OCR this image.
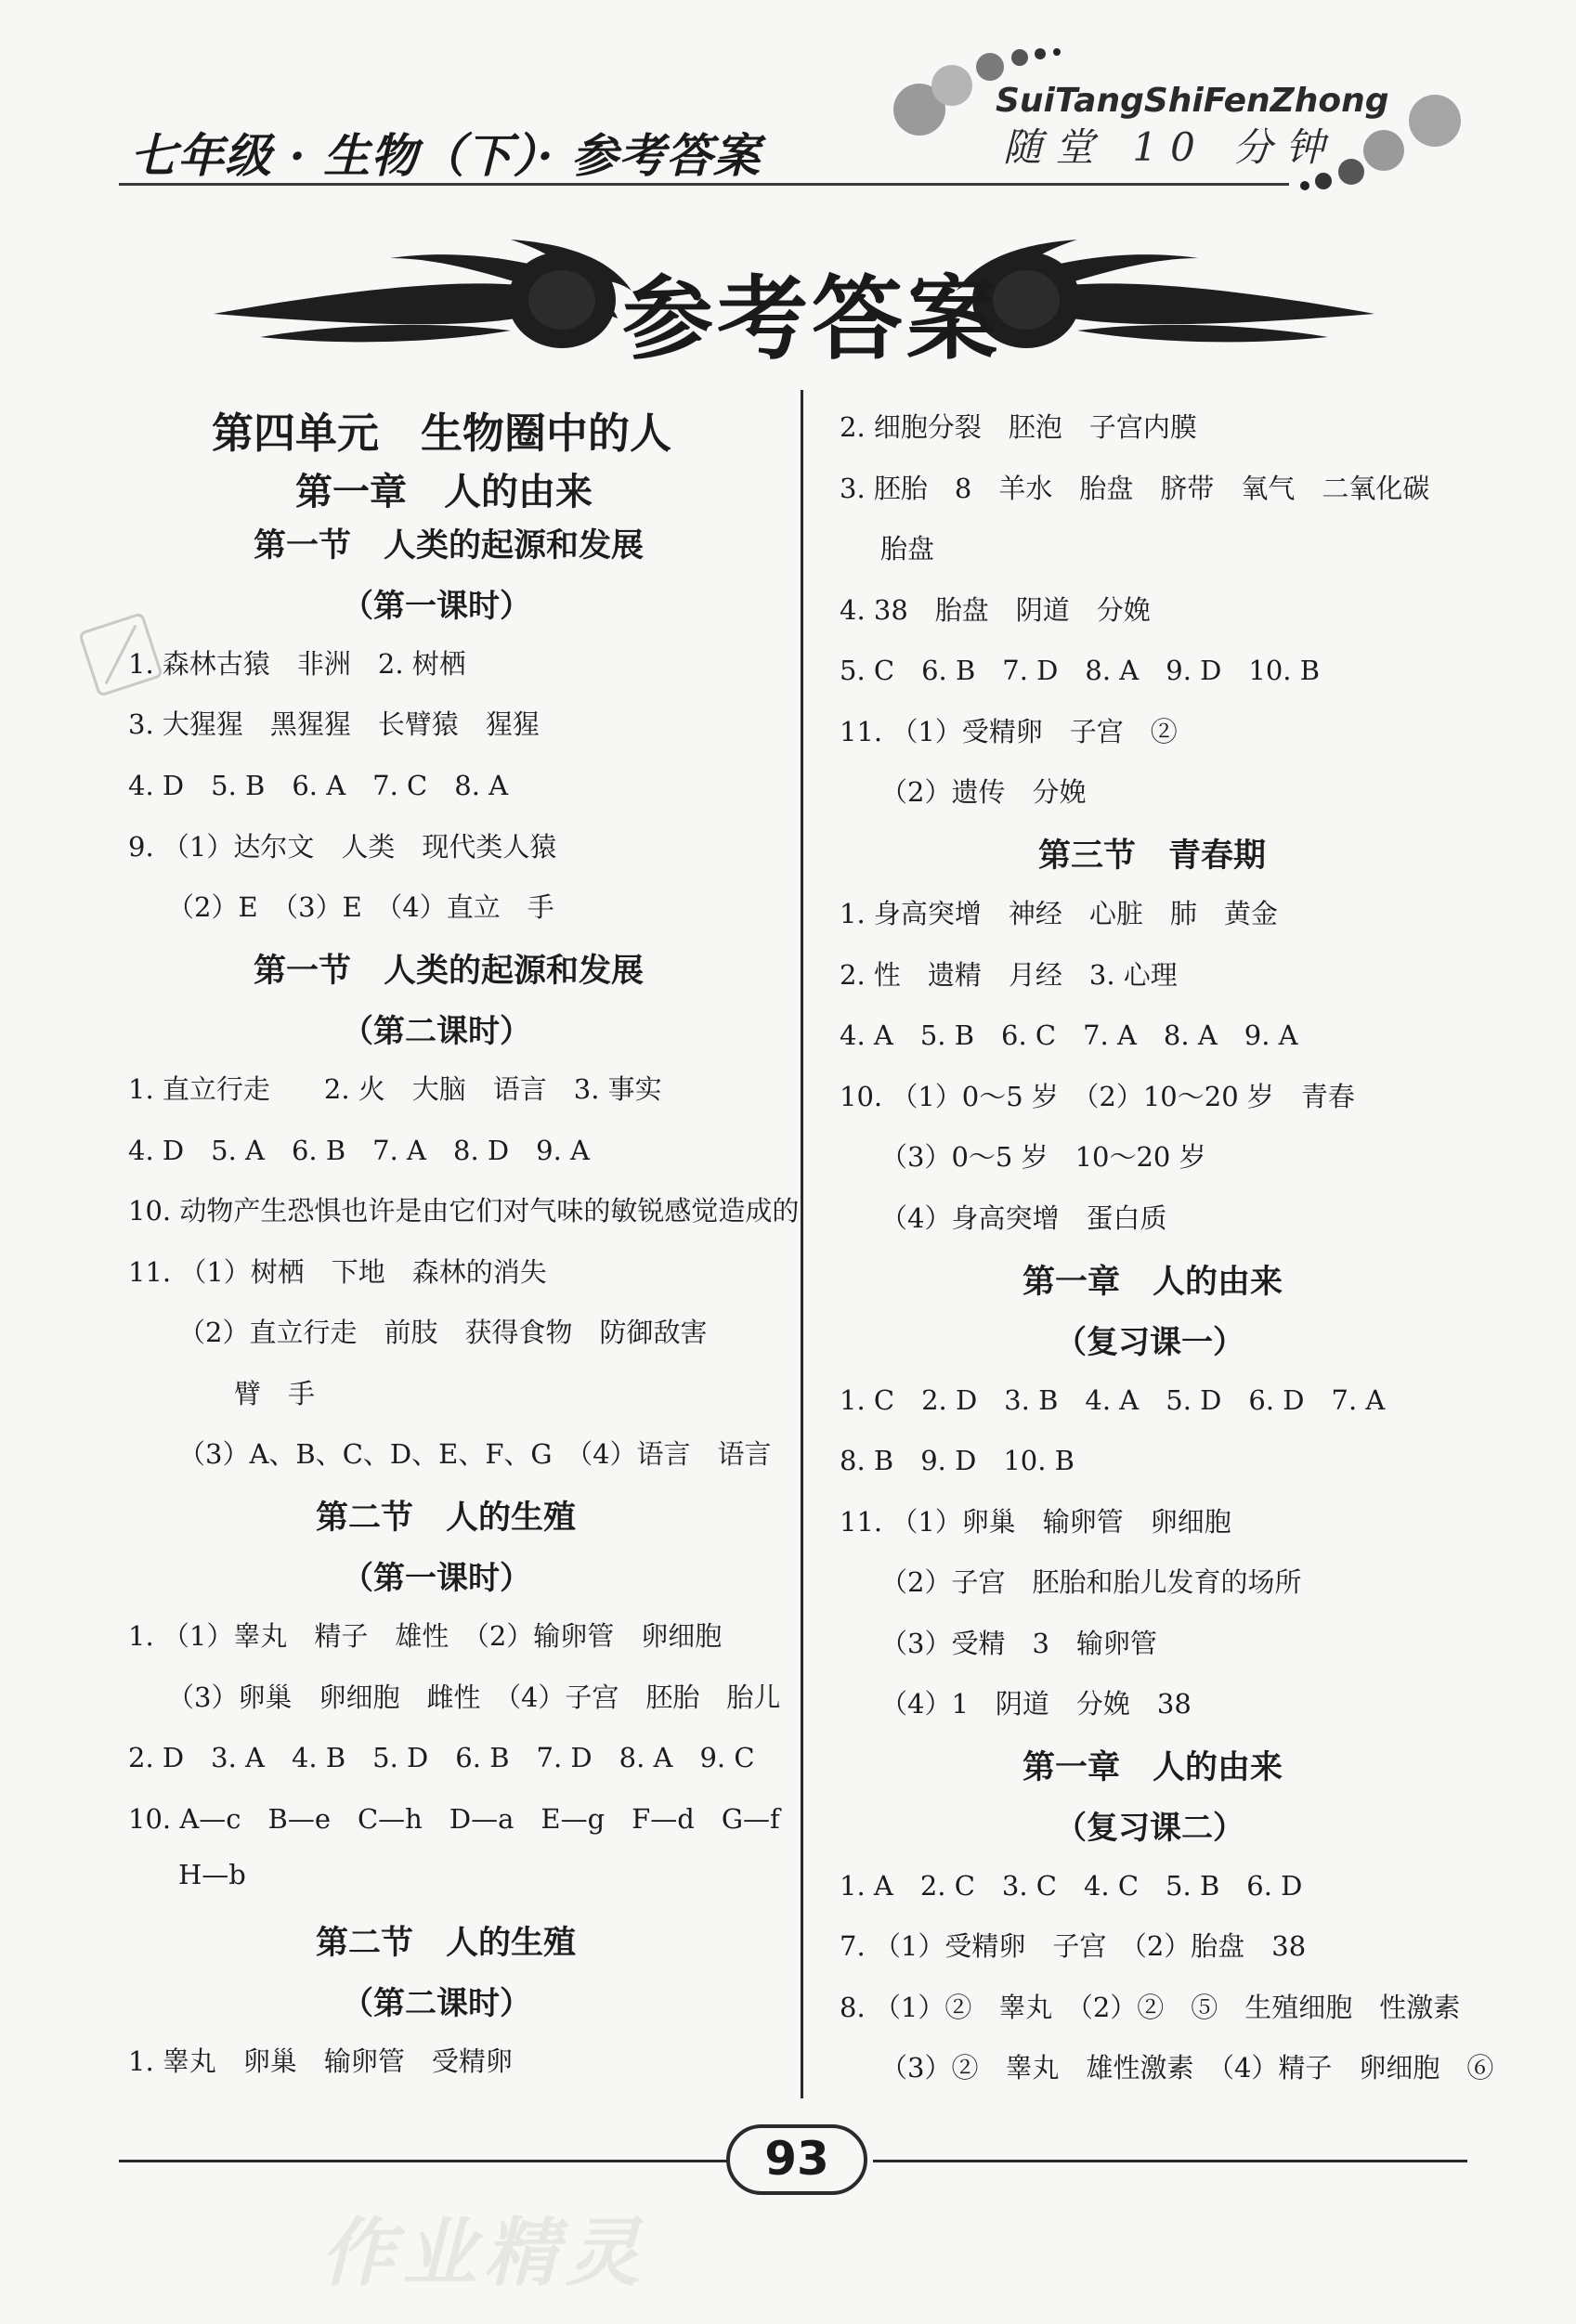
七年级 · 生物（下）· 参考答案
SuiTangShiFenZhong
随堂 10 分钟
参考答案
第四单元　生物圈中的人
第一章　人的由来
第一节　人类的起源和发展
（第一课时）
1. 森林古猿　非洲　2. 树栖
3. 大猩猩　黑猩猩　长臂猿　猩猩
4. D　5. B　6. A　7. C　8. A
9. （1）达尔文　人类　现代类人猿
（2）E　（3）E　（4）直立　手
第一节　人类的起源和发展
（第二课时）
1. 直立行走　　2. 火　大脑　语言　3. 事实
4. D　5. A　6. B　7. A　8. D　9. A
10. 动物产生恐惧也许是由它们对气味的敏锐感觉造成的
11. （1）树栖　下地　森林的消失
（2）直立行走　前肢　获得食物　防御敌害
臂　手
（3）A、B、C、D、E、F、G　（4）语言　语言
第二节　人的生殖
（第一课时）
1. （1）睾丸　精子　雄性　（2）输卵管　卵细胞
（3）卵巢　卵细胞　雌性　（4）子宫　胚胎　胎儿
2. D　3. A　4. B　5. D　6. B　7. D　8. A　9. C
10. A—c　B—e　C—h　D—a　E—g　F—d　G—f
H—b
第二节　人的生殖
（第二课时）
1. 睾丸　卵巢　输卵管　受精卵
2. 细胞分裂　胚泡　子宫内膜
3. 胚胎　8　羊水　胎盘　脐带　氧气　二氧化碳
胎盘
4. 38　胎盘　阴道　分娩
5. C　6. B　7. D　8. A　9. D　10. B
11. （1）受精卵　子宫　②
（2）遗传　分娩
第三节　青春期
1. 身高突增　神经　心脏　肺　黄金
2. 性　遗精　月经　3. 心理
4. A　5. B　6. C　7. A　8. A　9. A
10. （1）0～5 岁　（2）10～20 岁　青春
（3）0～5 岁　10～20 岁
（4）身高突增　蛋白质
第一章　人的由来
（复习课一）
1. C　2. D　3. B　4. A　5. D　6. D　7. A
8. B　9. D　10. B
11. （1）卵巢　输卵管　卵细胞
（2）子宫　胚胎和胎儿发育的场所
（3）受精　3　输卵管
（4）1　阴道　分娩　38
第一章　人的由来
（复习课二）
1. A　2. C　3. C　4. C　5. B　6. D
7. （1）受精卵　子宫　（2）胎盘　38
8. （1）②　睾丸　（2）②　⑤　生殖细胞　性激素
（3）②　睾丸　雄性激素　（4）精子　卵细胞　⑥
93
作业精灵
